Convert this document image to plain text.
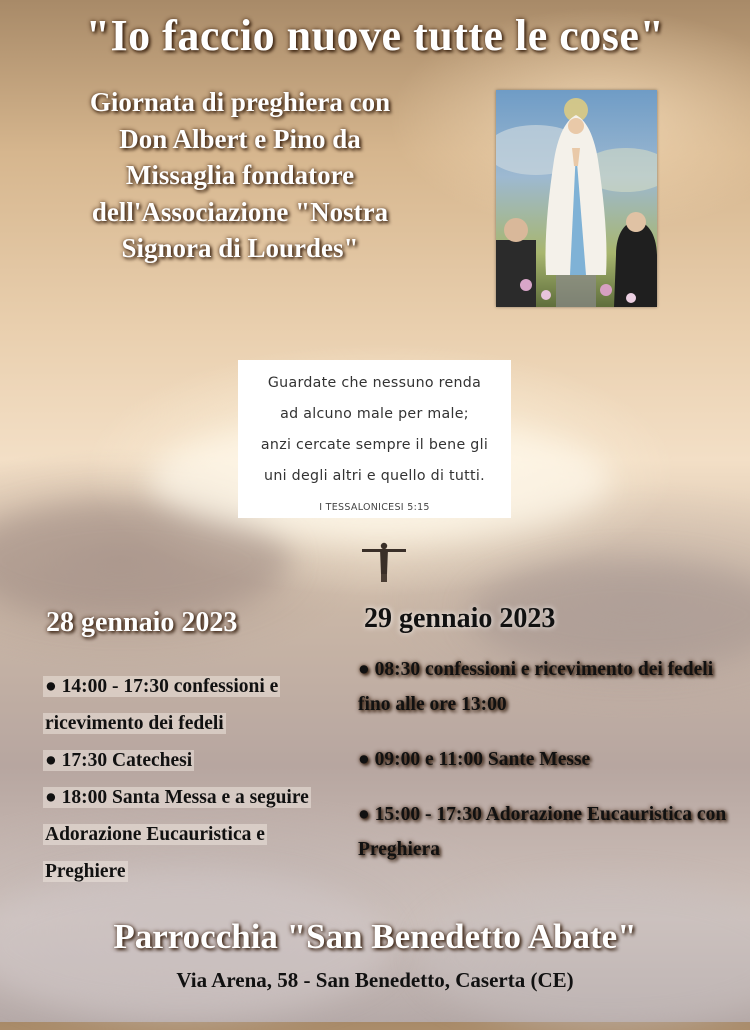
"Io faccio nuove tutte le cose"
Giornata di preghiera con
Don Albert e Pino da
Missaglia fondatore
dell'Associazione "Nostra
Signora di Lourdes"
Guardate che nessuno renda
ad alcuno male per male;
anzi cercate sempre il bene gli
uni degli altri e quello di tutti.
I TESSALONICESI 5:15
28 gennaio 2023	29 gennaio 2023
● 14:00 - 17:30 confessioni e ricevimento dei fedeli
● 17:30 Catechesi
● 18:00 Santa Messa e a seguire Adorazione Eucauristica e Preghiere
● 08:30 confessioni e ricevimento dei fedeli fino alle ore 13:00
● 09:00 e 11:00 Sante Messe
● 15:00 - 17:30 Adorazione Eucauristica con Preghiera
Parrocchia "San Benedetto Abate"
Via Arena, 58 - San Benedetto, Caserta (CE)
